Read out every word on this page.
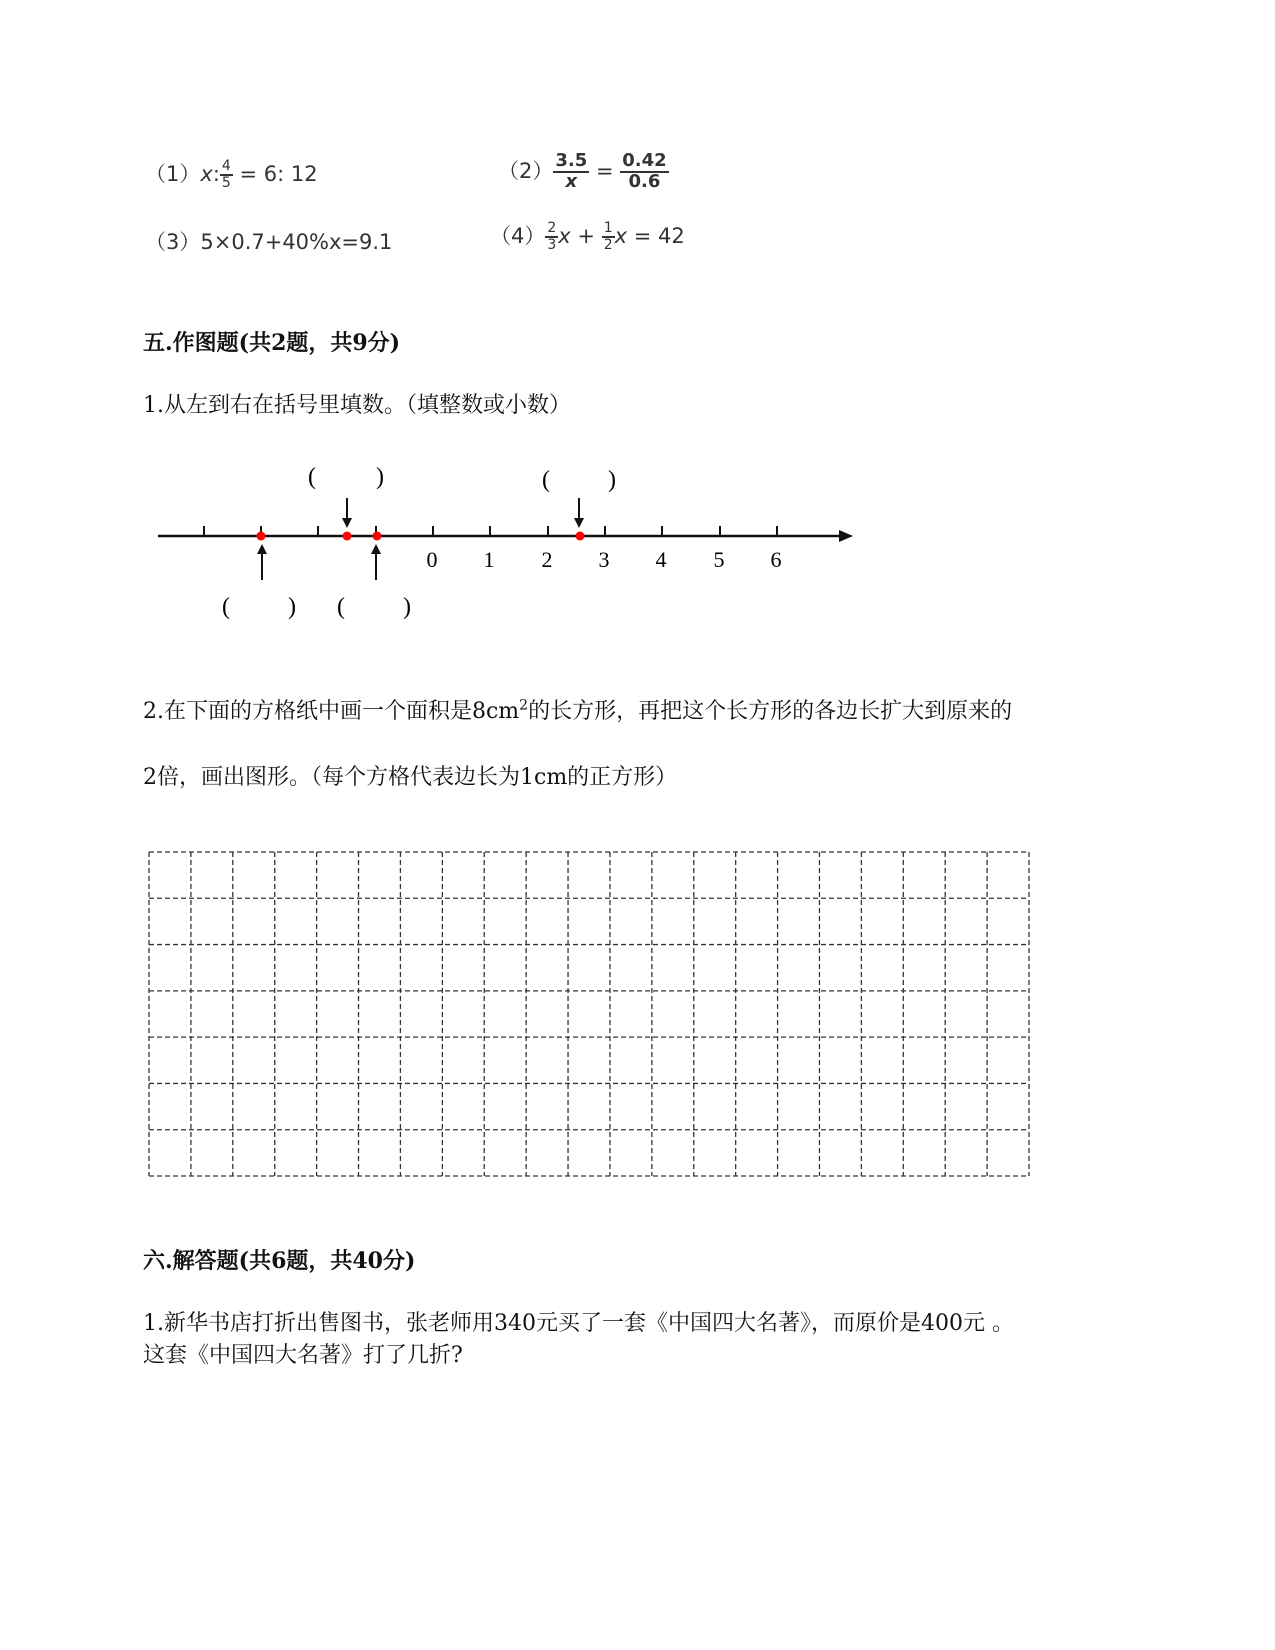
（1）x: $\frac{4}{5} = 6$: 12	$(2) \frac{3.5}{x} = \frac{0.42}{0.6}$
（3）5×0.7+40%x=9.1	$(4) \frac{2}{3}$ $x + \frac{1}{2}$ x = 42
五.作图题(共2题，共9分)
1.从左到右在括号里填数。（填整数或小数）
0 1 2 3 4 5 6
(	)	( )
( ) ( )
2.在下面的方格纸中画一个面积是$8cm^2$的长方形，再把这个长方形的各边长扩大到原来的
2倍，画出图形。（每个方格代表边长为1cm的正方形）
六.解答题(共6题，共40分)
1.新华书店打折出售图书，张老师用340元买了一套《中国四大名著》，而原价是400元 。
这套《中国四大名著》打了几折?
